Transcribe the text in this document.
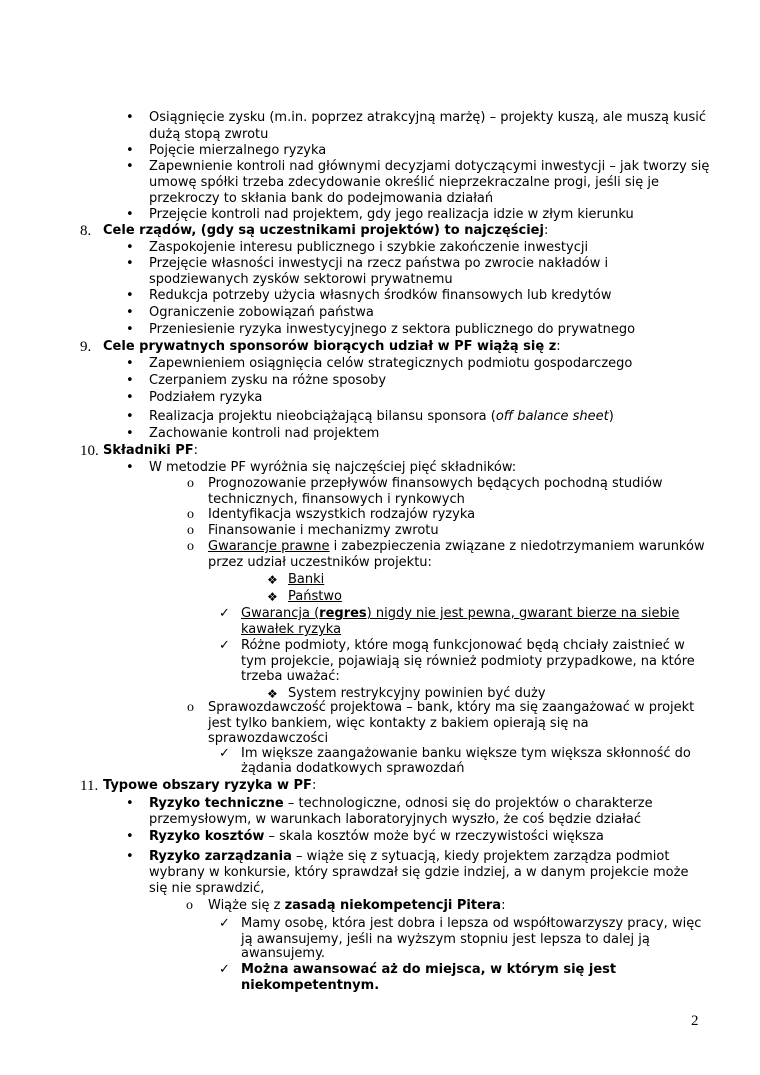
• Osiągnięcie zysku (m.in. poprzez atrakcyjną marżę) – projekty kuszą, ale muszą kusić
dużą stopą zwrotu
• Pojęcie mierzalnego ryzyka
• Zapewnienie kontroli nad głównymi decyzjami dotyczącymi inwestycji – jak tworzy się
umowę spółki trzeba zdecydowanie określić nieprzekraczalne progi, jeśli się je
przekroczy to skłania bank do podejmowania działań
• Przejęcie kontroli nad projektem, gdy jego realizacja idzie w złym kierunku
8. Cele rządów, (gdy są uczestnikami projektów) to najczęściej:
• Zaspokojenie interesu publicznego i szybkie zakończenie inwestycji
• Przejęcie własności inwestycji na rzecz państwa po zwrocie nakładów i
spodziewanych zysków sektorowi prywatnemu
• Redukcja potrzeby użycia własnych środków finansowych lub kredytów
• Ograniczenie zobowiązań państwa
• Przeniesienie ryzyka inwestycyjnego z sektora publicznego do prywatnego
9. Cele prywatnych sponsorów biorących udział w PF wiążą się z:
• Zapewnieniem osiągnięcia celów strategicznych podmiotu gospodarczego
• Czerpaniem zysku na różne sposoby
• Podziałem ryzyka
• Realizacja projektu nieobciążającą bilansu sponsora (off balance sheet)
• Zachowanie kontroli nad projektem
10. Składniki PF:
• W metodzie PF wyróżnia się najczęściej pięć składników:
o Prognozowanie przepływów finansowych będących pochodną studiów
technicznych, finansowych i rynkowych
o Identyfikacja wszystkich rodzajów ryzyka
o Finansowanie i mechanizmy zwrotu
o Gwarancje prawne i zabezpieczenia związane z niedotrzymaniem warunków
przez udział uczestników projektu:
❖ Banki
❖ Państwo
✓ Gwarancja (regres) nigdy nie jest pewna, gwarant bierze na siebie
kawałek ryzyka
✓ Różne podmioty, które mogą funkcjonować będą chciały zaistnieć w
tym projekcie, pojawiają się również podmioty przypadkowe, na które
trzeba uważać:
❖ System restrykcyjny powinien być duży
o Sprawozdawczość projektowa – bank, który ma się zaangażować w projekt
jest tylko bankiem, więc kontakty z bakiem opierają się na
sprawozdawczości
✓ Im większe zaangażowanie banku większe tym większa skłonność do
żądania dodatkowych sprawozdań
11. Typowe obszary ryzyka w PF:
• Ryzyko techniczne – technologiczne, odnosi się do projektów o charakterze
przemysłowym, w warunkach laboratoryjnych wyszło, że coś będzie działać
• Ryzyko kosztów – skala kosztów może być w rzeczywistości większa
• Ryzyko zarządzania – wiąże się z sytuacją, kiedy projektem zarządza podmiot
wybrany w konkursie, który sprawdzał się gdzie indziej, a w danym projekcie może
się nie sprawdzić,
o Wiąże się z zasadą niekompetencji Pitera:
✓ Mamy osobę, która jest dobra i lepsza od współtowarzyszy pracy, więc
ją awansujemy, jeśli na wyższym stopniu jest lepsza to dalej ją
awansujemy.
✓ Można awansować aż do miejsca, w którym się jest
niekompetentnym.
2
